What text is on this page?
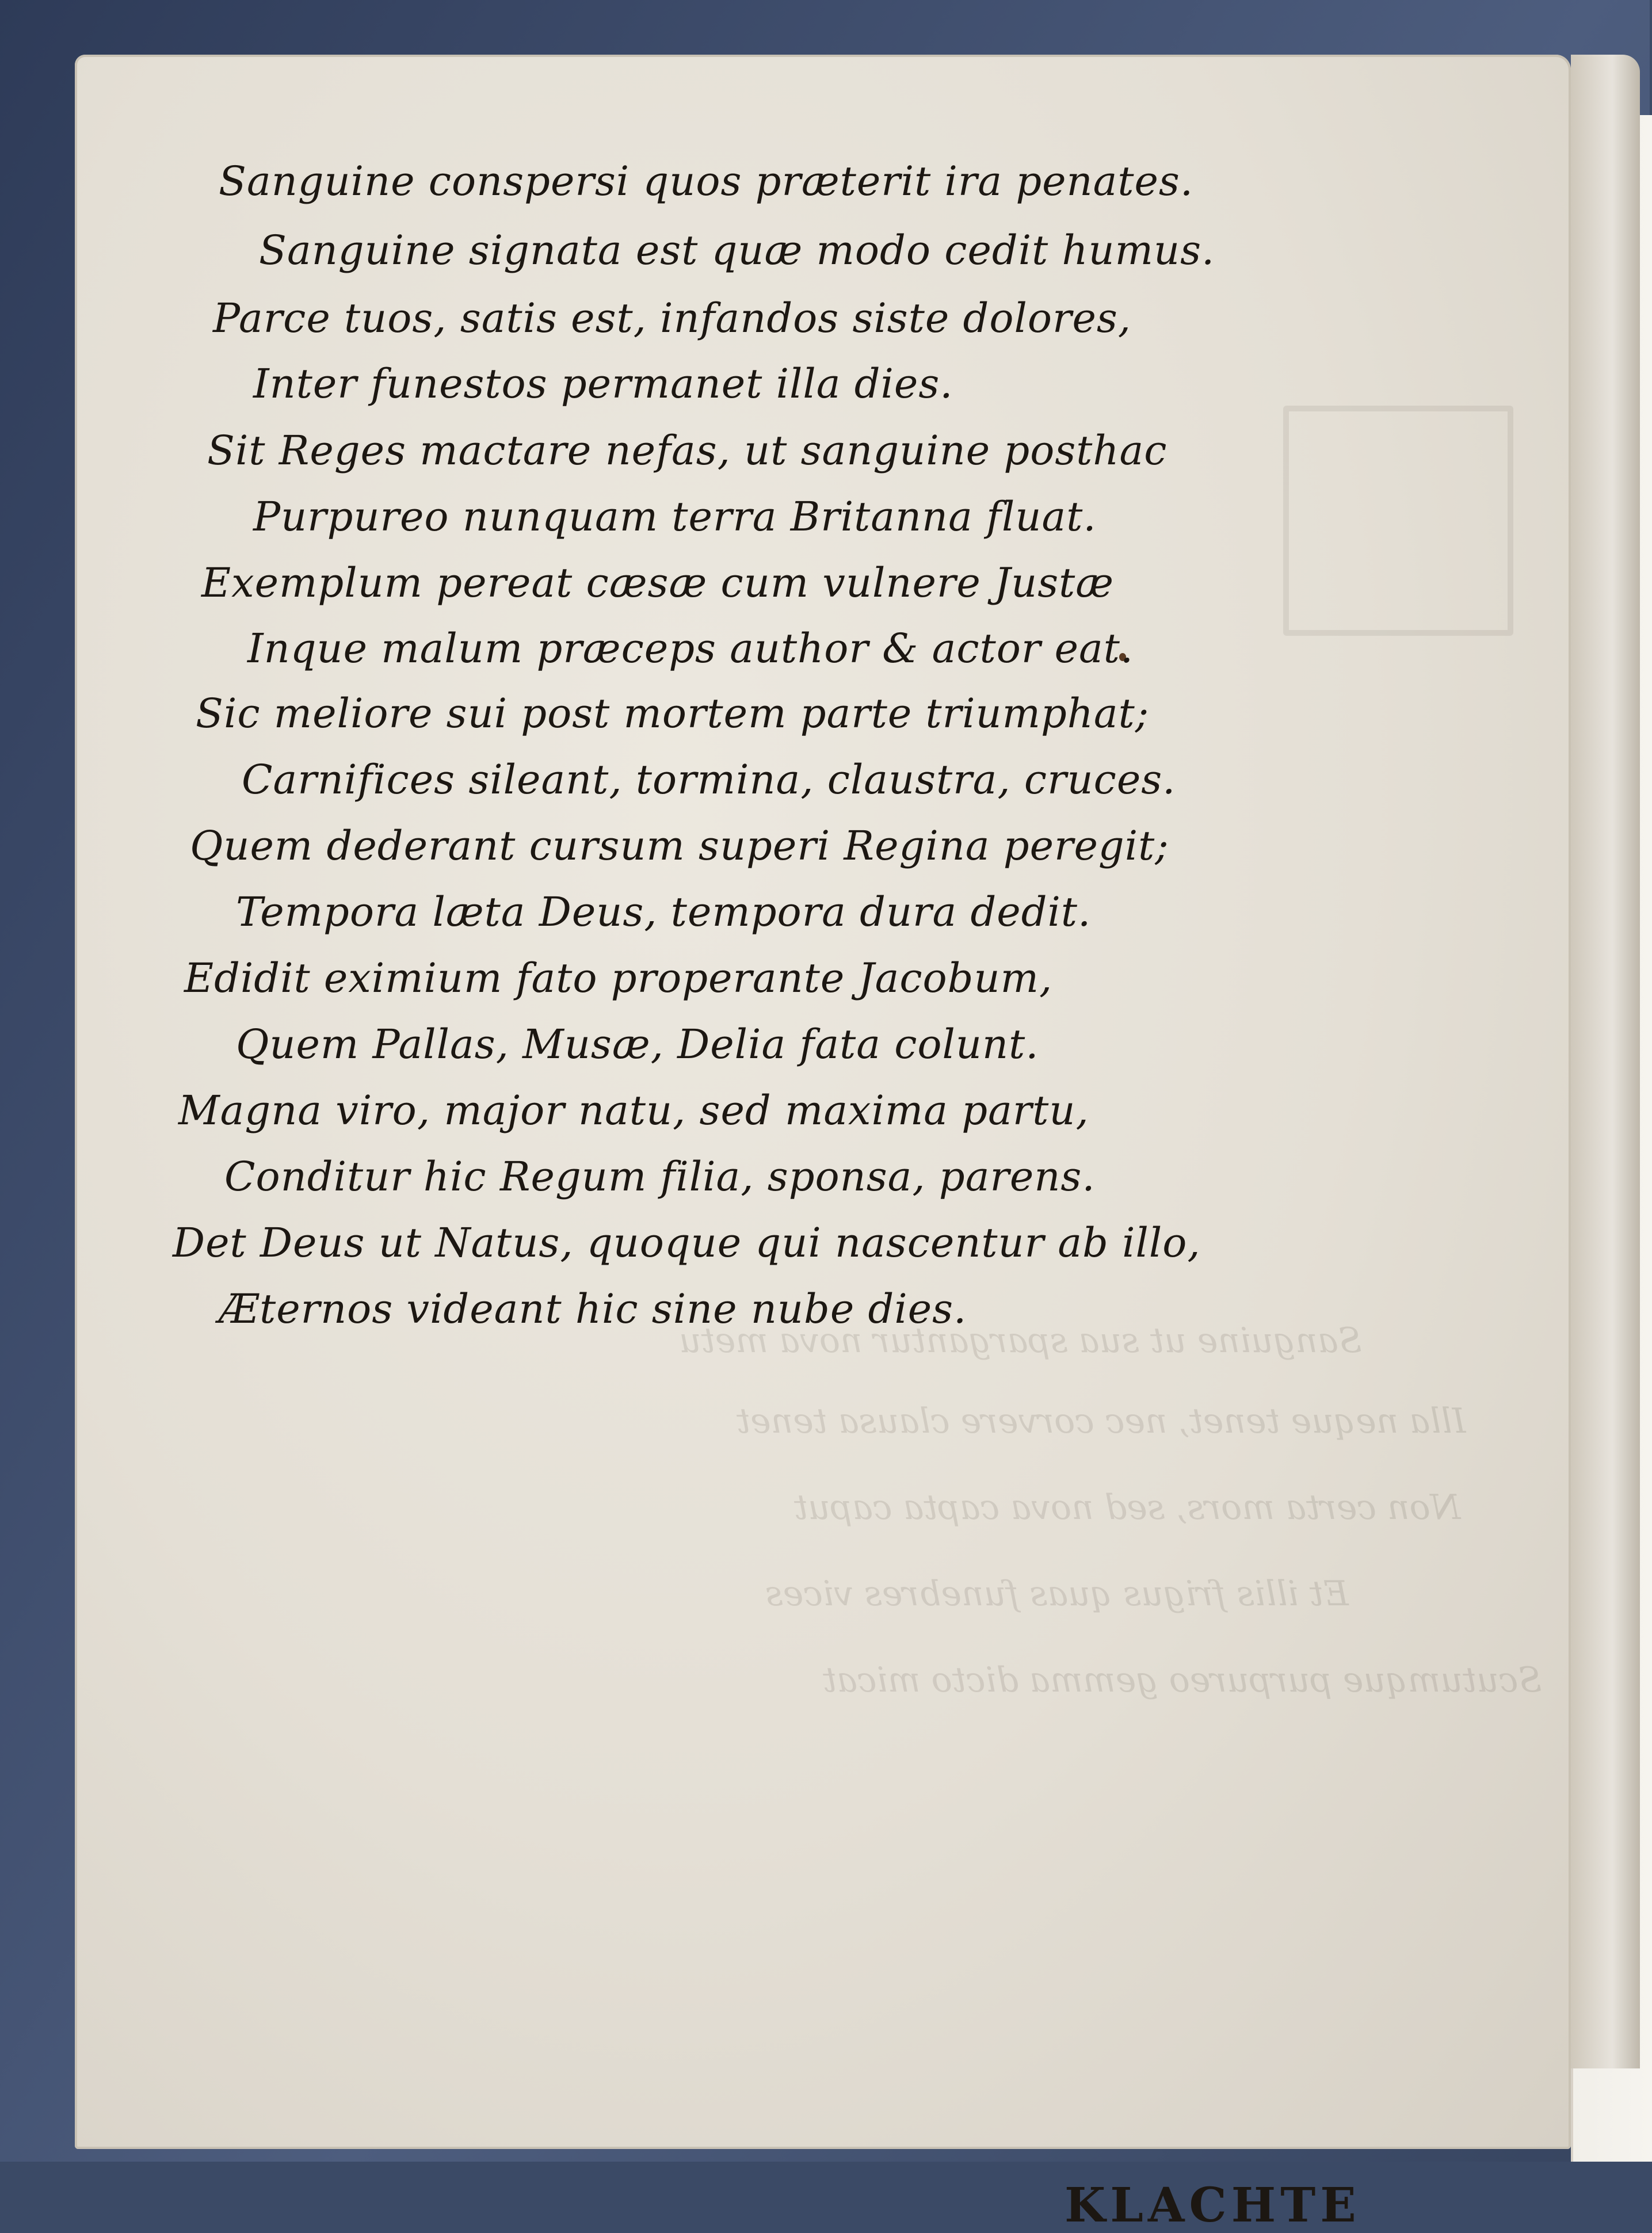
Sanguine ut sua spargantur nova metu
Illa neque tenet, nec corvere clausa tenet
Non certa mors, sed nova capta caput
Et illis frigus quas funebres vices
Scutumque purpureo gemma dicto micat
Sanguine conspersi quos præterit ira penates.
Sanguine signata est quæ modo cedit humus.
Parce tuos, satis est, infandos siste dolores,
Inter funestos permanet illa dies.
Sit Reges mactare nefas, ut sanguine posthac
Purpureo nunquam terra Britanna fluat.
Exemplum pereat cæsæ cum vulnere Justæ
Inque malum præceps author & actor eat.
Sic meliore sui post mortem parte triumphat;
Carnifices sileant, tormina, claustra, cruces.
Quem dederant cursum superi Regina peregit;
Tempora læta Deus, tempora dura dedit.
Edidit eximium fato properante Jacobum,
Quem Pallas, Musæ, Delia fata colunt.
Magna viro, major natu, sed maxima partu,
Conditur hic Regum filia, sponsa, parens.
Det Deus ut Natus, quoque qui nascentur ab illo,
Æternos videant hic sine nube dies.
KLACHTE
